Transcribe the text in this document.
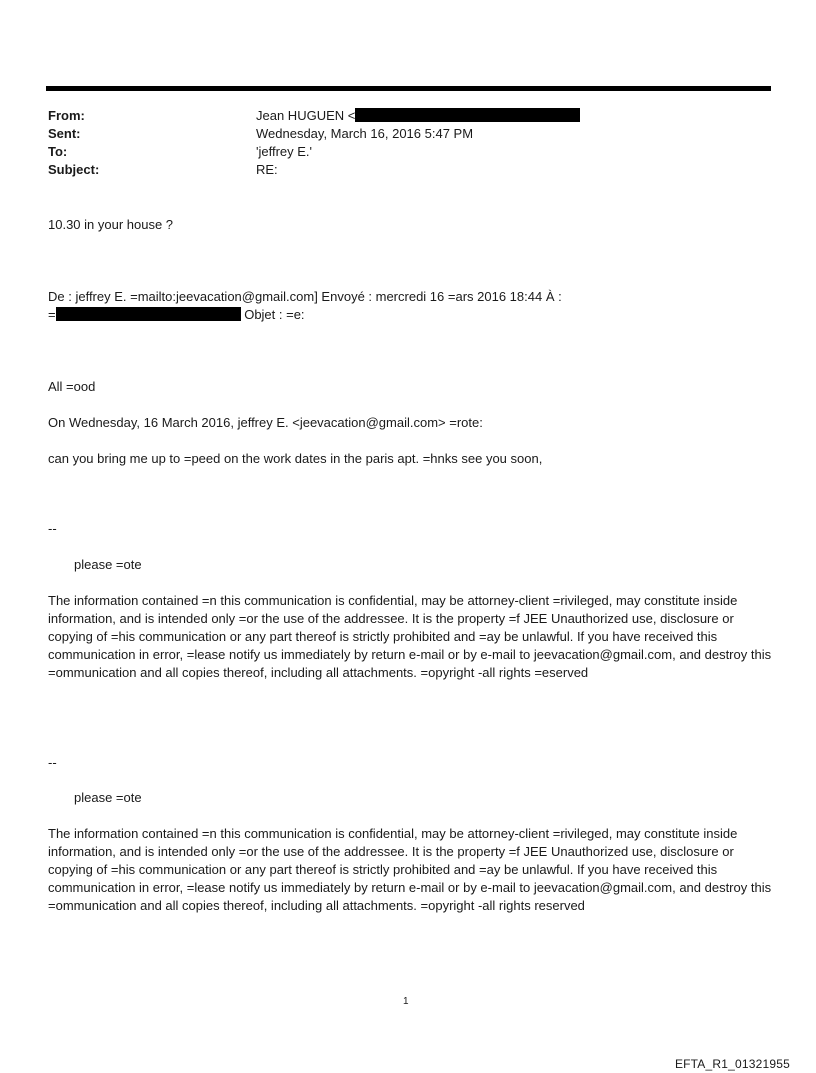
From:	Jean HUGUEN <
Sent:	Wednesday, March 16, 2016 5:47 PM
To:	'jeffrey E.'
Subject:	RE:
10.30 in your house ?
De : jeffrey E. =mailto:jeevacation@gmail.com] Envoyé : mercredi 16 =ars 2016 18:44 À :
=	Objet : =e:
All =ood
On Wednesday, 16 March 2016, jeffrey E. <jeevacation@gmail.com> =rote:
can you bring me up to =peed on the work dates in the paris apt. =hnks see you soon,
--
please =ote
The information contained =n this communication is confidential, may be attorney-client =rivileged, may constitute inside information, and is intended only =or the use of the addressee. It is the property =f JEE Unauthorized use, disclosure or copying of =his communication or any part thereof is strictly prohibited and =ay be unlawful. If you have received this communication in error, =lease notify us immediately by return e-mail or by e-mail to jeevacation@gmail.com, and destroy this =ommunication and all copies thereof, including all attachments. =opyright -all rights =eserved
--
please =ote
The information contained =n this communication is confidential, may be attorney-client =rivileged, may constitute inside information, and is intended only =or the use of the addressee. It is the property =f JEE Unauthorized use, disclosure or copying of =his communication or any part thereof is strictly prohibited and =ay be unlawful. If you have received this communication in error, =lease notify us immediately by return e-mail or by e-mail to jeevacation@gmail.com, and destroy this =ommunication and all copies thereof, including all attachments. =opyright -all rights reserved
1
EFTA_R1_01321955
